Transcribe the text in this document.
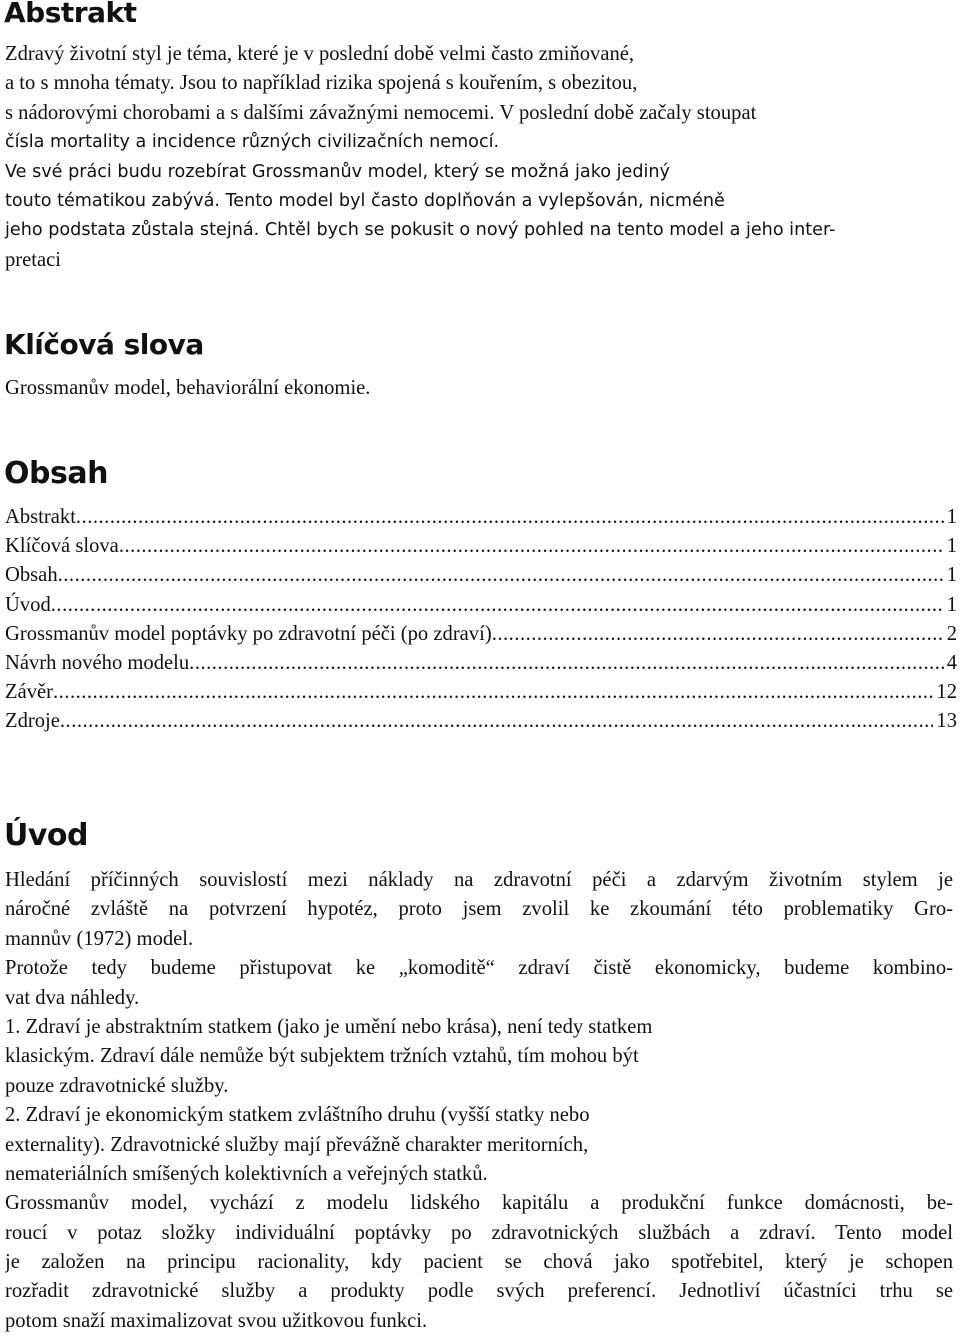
Abstrakt
Zdravý životní styl je téma, které je v poslední době velmi často zmiňované,
a to s mnoha tématy. Jsou to například rizika spojená s kouřením, s obezitou,
s nádorovými chorobami a s dalšími závažnými nemocemi. V poslední době začaly stoupat
čísla mortality a incidence různých civilizačních nemocí.
Ve své práci budu rozebírat Grossmanův model, který se možná jako jediný
touto tématikou zabývá. Tento model byl často doplňován a vylepšován, nicméně
jeho podstata zůstala stejná. Chtěl bych se pokusit o nový pohled na tento model a jeho inter-
pretaci
Klíčová slova
Grossmanův model, behaviorální ekonomie.
Obsah
Abstrakt .....	1
Klíčová slova .....	1
Obsah .....	1
Úvod .....	1
Grossmanův model poptávky po zdravotní péči (po zdraví) .....	2
Návrh nového modelu .....	4
Závěr .....	12
Zdroje .....	13
Úvod
Hledání příčinných souvislostí mezi náklady na zdravotní péči a zdarvým životním stylem je
náročné zvláště na potvrzení hypotéz, proto jsem zvolil ke zkoumání této problematiky Gro-
mannův (1972) model.
Protože tedy budeme přistupovat ke „komoditě“ zdraví čistě ekonomicky, budeme kombino-
vat dva náhledy.
1. Zdraví je abstraktním statkem (jako je umění nebo krása), není tedy statkem
klasickým. Zdraví dále nemůže být subjektem tržních vztahů, tím mohou být
pouze zdravotnické služby.
2. Zdraví je ekonomickým statkem zvláštního druhu (vyšší statky nebo
externality). Zdravotnické služby mají převážně charakter meritorních,
nemateriálních smíšených kolektivních a veřejných statků.
Grossmanův model, vychází z modelu lidského kapitálu a produkční funkce domácnosti, be-
roucí v potaz složky individuální poptávky po zdravotnických službách a zdraví. Tento model
je založen na principu racionality, kdy pacient se chová jako spotřebitel, který je schopen
rozřadit zdravotnické služby a produkty podle svých preferencí. Jednotliví účastníci trhu se
potom snaží maximalizovat svou užitkovou funkci.
